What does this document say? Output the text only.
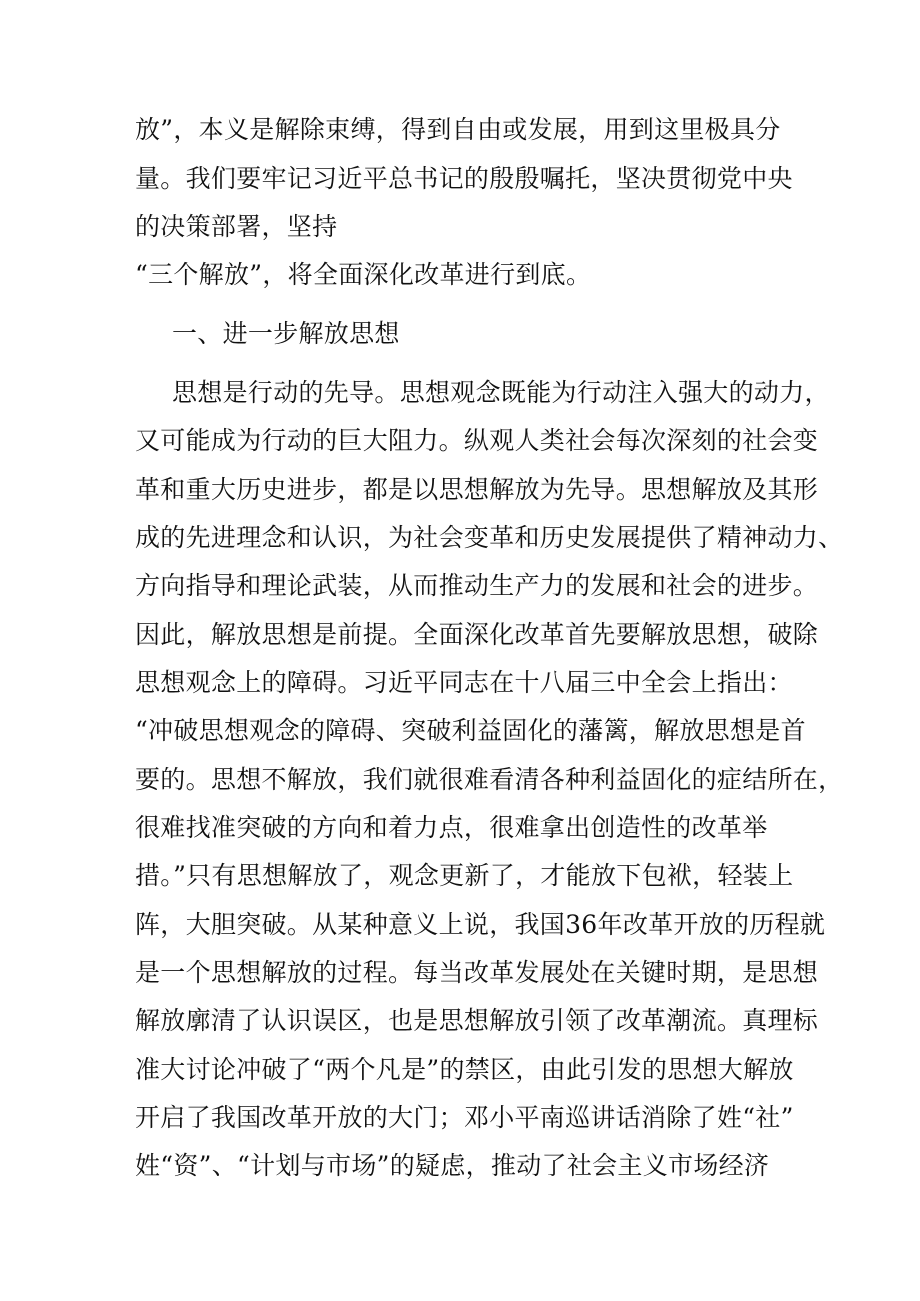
放”，本义是解除束缚，得到自由或发展，用到这里极具分
量。我们要牢记习近平总书记的殷殷嘱托，坚决贯彻党中央
的决策部署，坚持
“三个解放”，将全面深化改革进行到底。
一、进一步解放思想
思想是行动的先导。思想观念既能为行动注入强大的动力，
又可能成为行动的巨大阻力。纵观人类社会每次深刻的社会变
革和重大历史进步，都是以思想解放为先导。思想解放及其形
成的先进理念和认识，为社会变革和历史发展提供了精神动力、
方向指导和理论武装，从而推动生产力的发展和社会的进步。
因此，解放思想是前提。全面深化改革首先要解放思想，破除
思想观念上的障碍。习近平同志在十八届三中全会上指出：
“冲破思想观念的障碍、突破利益固化的藩篱，解放思想是首
要的。思想不解放，我们就很难看清各种利益固化的症结所在，
很难找准突破的方向和着力点，很难拿出创造性的改革举
措。”只有思想解放了，观念更新了，才能放下包袱，轻装上
阵，大胆突破。从某种意义上说，我国36年改革开放的历程就
是一个思想解放的过程。每当改革发展处在关键时期，是思想
解放廓清了认识误区，也是思想解放引领了改革潮流。真理标
准大讨论冲破了“两个凡是”的禁区，由此引发的思想大解放
开启了我国改革开放的大门；邓小平南巡讲话消除了姓“社”
姓“资”、“计划与市场”的疑虑，推动了社会主义市场经济
